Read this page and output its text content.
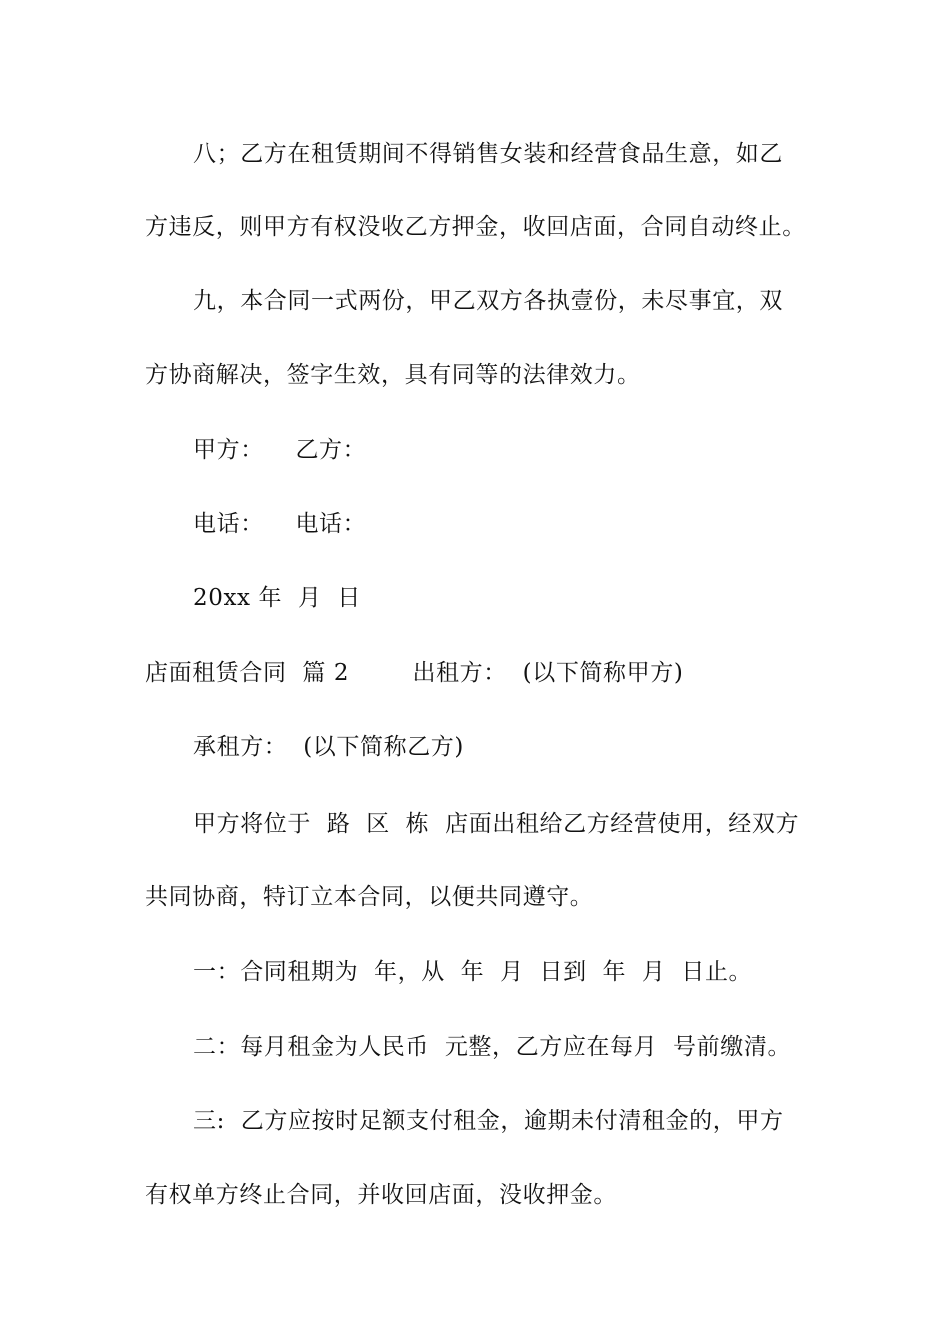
八；乙方在租赁期间不得销售女装和经营食品生意，如乙
方违反，则甲方有权没收乙方押金，收回店面，合同自动终止。
九，本合同一式两份，甲乙双方各执壹份，未尽事宜，双
方协商解决，签字生效，具有同等的法律效力。
甲方：    乙方：
电话：    电话：
20xx 年  月  日
店面租赁合同  篇 2        出租方：  (以下简称甲方)
承租方：  (以下简称乙方)
甲方将位于  路  区  栋  店面出租给乙方经营使用，经双方
共同协商，特订立本合同，以便共同遵守。
一：合同租期为  年，从  年  月  日到  年  月  日止。
二：每月租金为人民币  元整，乙方应在每月  号前缴清。
三:  乙方应按时足额支付租金，逾期未付清租金的，甲方
有权单方终止合同，并收回店面，没收押金。
